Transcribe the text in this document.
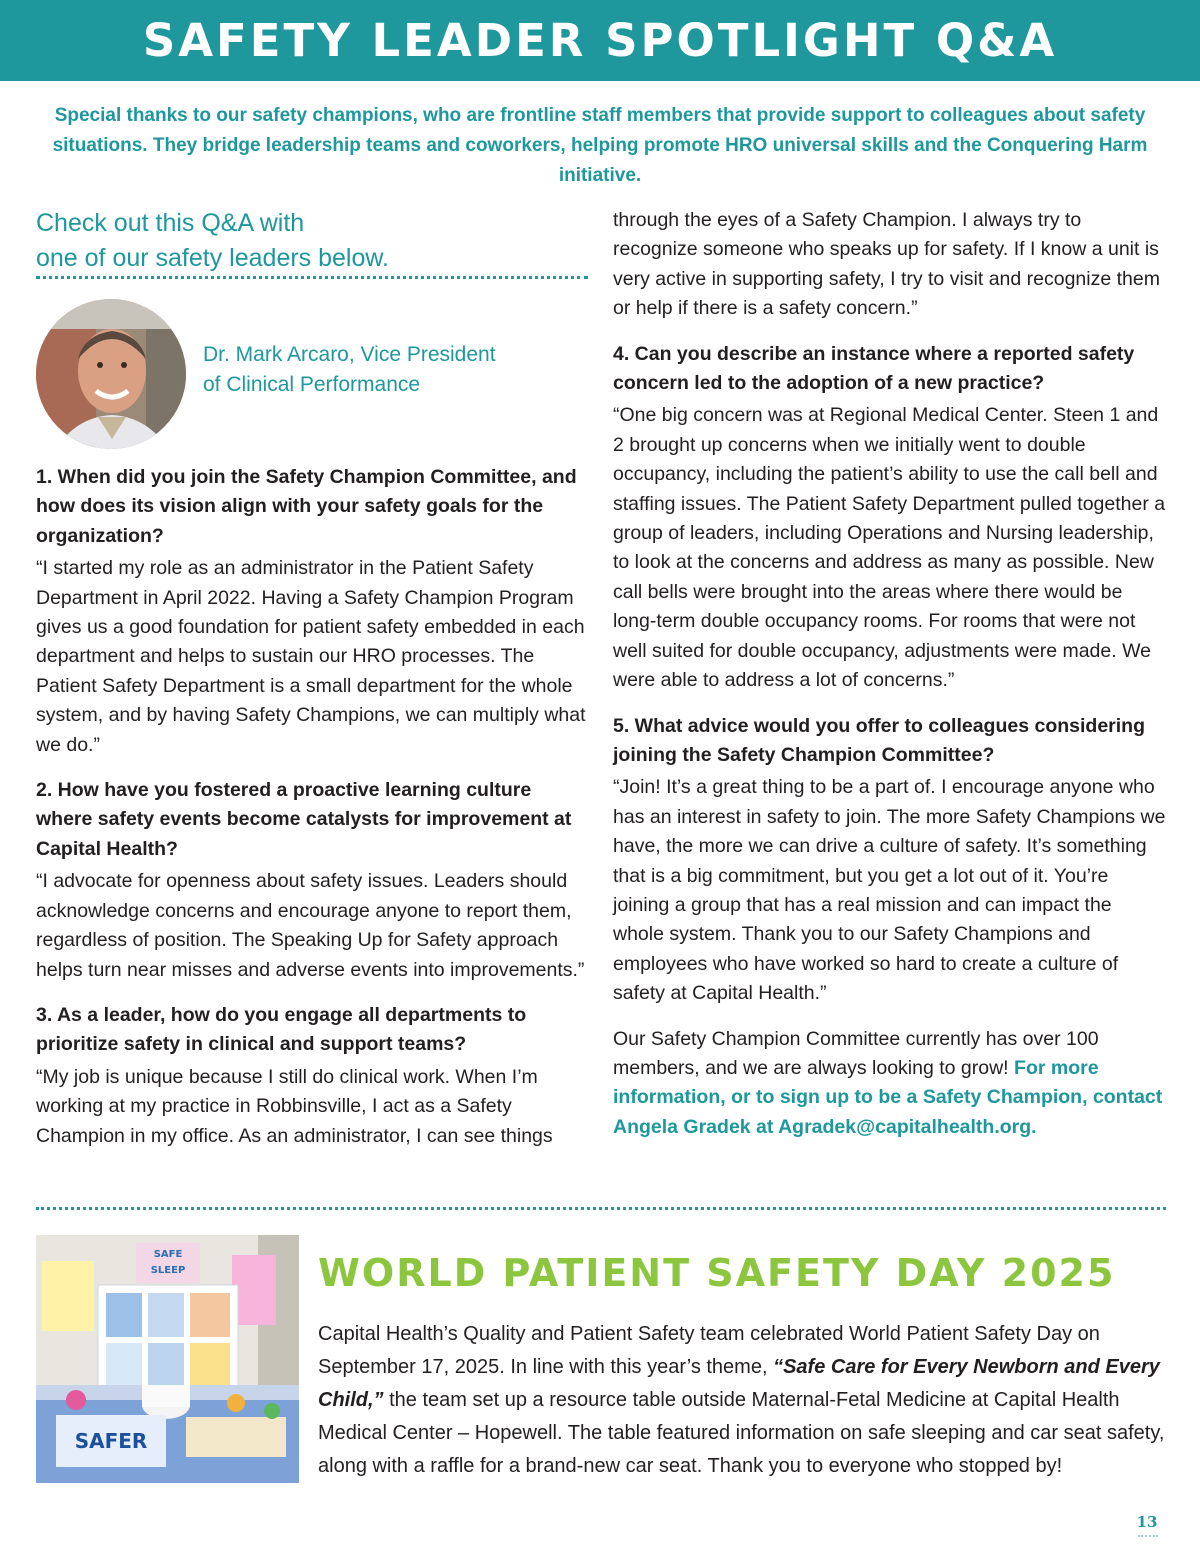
SAFETY LEADER SPOTLIGHT Q&A
Special thanks to our safety champions, who are frontline staff members that provide support to colleagues about safety situations. They bridge leadership teams and coworkers, helping promote HRO universal skills and the Conquering Harm initiative.
Check out this Q&A with
one of our safety leaders below.
Dr. Mark Arcaro, Vice President
of Clinical Performance

1. When did you join the Safety Champion Committee, and how does its vision align with your safety goals for the organization?

“I started my role as an administrator in the Patient Safety Department in April 2022. Having a Safety Champion Program gives us a good foundation for patient safety embedded in each department and helps to sustain our HRO processes. The Patient Safety Department is a small department for the whole system, and by having Safety Champions, we can multiply what we do.”

2. How have you fostered a proactive learning culture where safety events become catalysts for improvement at Capital Health?

“I advocate for openness about safety issues. Leaders should acknowledge concerns and encourage anyone to report them, regardless of position. The Speaking Up for Safety approach helps turn near misses and adverse events into improvements.”

3. As a leader, how do you engage all departments to prioritize safety in clinical and support teams?

“My job is unique because I still do clinical work. When I’m working at my practice in Robbinsville, I act as a Safety Champion in my office. As an administrator, I can see things

through the eyes of a Safety Champion. I always try to recognize someone who speaks up for safety. If I know a unit is very active in supporting safety, I try to visit and recognize them or help if there is a safety concern.”

4. Can you describe an instance where a reported safety concern led to the adoption of a new practice?

“One big concern was at Regional Medical Center. Steen 1 and 2 brought up concerns when we initially went to double occupancy, including the patient’s ability to use the call bell and staffing issues. The Patient Safety Department pulled together a group of leaders, including Operations and Nursing leadership, to look at the concerns and address as many as possible. New call bells were brought into the areas where there would be long-term double occupancy rooms. For rooms that were not well suited for double occupancy, adjustments were made. We were able to address a lot of concerns.”

5. What advice would you offer to colleagues considering joining the Safety Champion Committee?

“Join! It’s a great thing to be a part of. I encourage anyone who has an interest in safety to join. The more Safety Champions we have, the more we can drive a culture of safety. It’s something that is a big commitment, but you get a lot out of it. You’re joining a group that has a real mission and can impact the whole system. Thank you to our Safety Champions and employees who have worked so hard to create a culture of safety at Capital Health.”

Our Safety Champion Committee currently has over 100 members, and we are always looking to grow! For more information, or to sign up to be a Safety Champion, contact Angela Gradek at Agradek@capitalhealth.org.

SAFE
SLEEP
SAFER
WORLD PATIENT SAFETY DAY 2025

Capital Health’s Quality and Patient Safety team celebrated World Patient Safety Day on September 17, 2025. In line with this year’s theme, “Safe Care for Every Newborn and Every Child,” the team set up a resource table outside Maternal-Fetal Medicine at Capital Health Medical Center – Hopewell. The table featured information on safe sleeping and car seat safety, along with a raffle for a brand-new car seat. Thank you to everyone who stopped by!

13
